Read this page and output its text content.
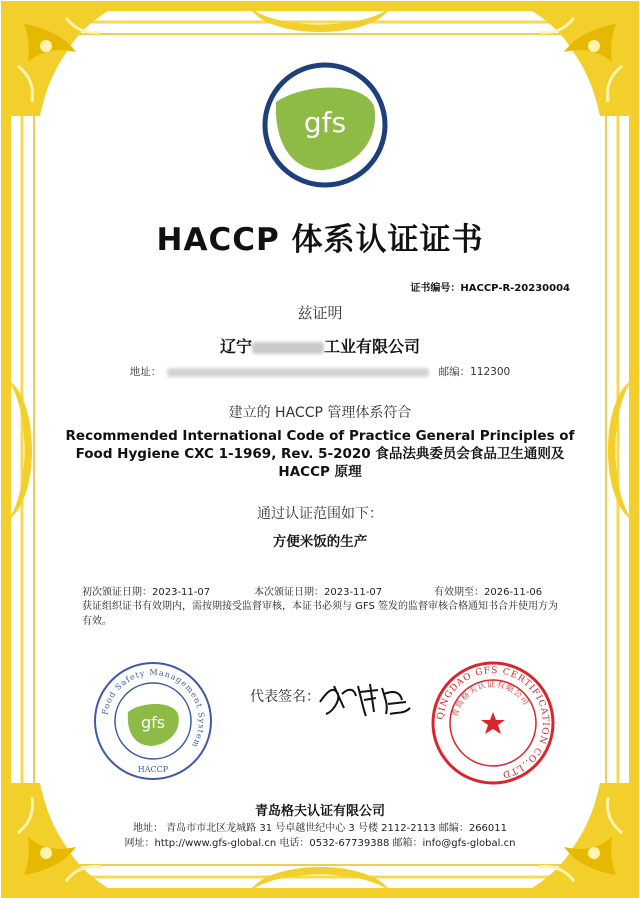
gfs
HACCP 体系认证证书
证书编号：HACCP-R-20230004
兹证明
辽宁	工业有限公司
地址：	邮编：112300
建立的 HACCP 管理体系符合
Recommended International Code of Practice General Principles of
Food Hygiene CXC 1-1969, Rev. 5-2020 食品法典委员会食品卫生通则及
HACCP 原理
通过认证范围如下：
方便米饭的生产
初次颁证日期：2023-11-07	本次颁证日期：2023-11-07	有效期至：2026-11-06
获证组织证书有效期内，需按期接受监督审核，本证书必须与 GFS 签发的监督审核合格通知书合并使用方为有效。
Food Safety Management System
gfs
HACCP
代表签名：
QINGDAO GFS CERTIFICATION CO.,LTD
青岛格夫认证有限公司
青岛格夫认证有限公司
地址： 青岛市市北区龙城路 31 号卓越世纪中心 3 号楼 2112-2113 邮编：266011
网址：http://www.gfs-global.cn 电话：0532-67739388 邮箱：info@gfs-global.cn
